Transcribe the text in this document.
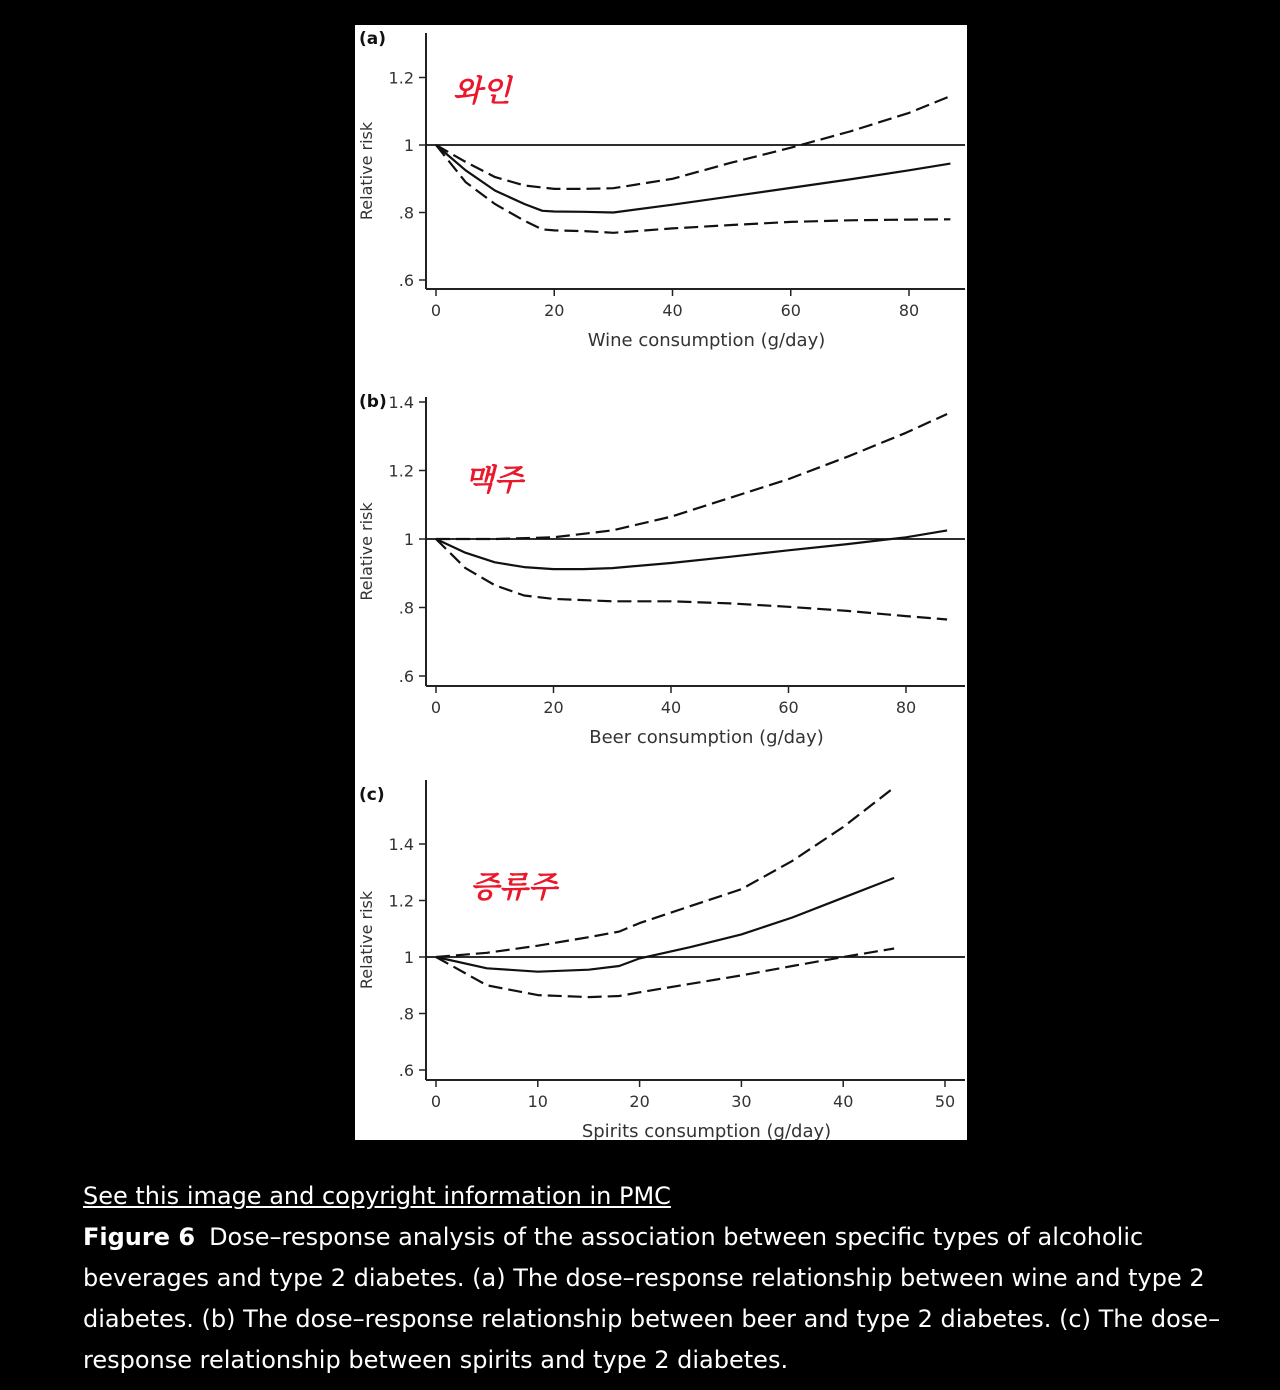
.6
.8
1
1.2
0	20	40	60	80
(a)
와인
Wine consumption (g/day)
Relative risk
.6
.8
1
1.2
1.4
0	20	40	60	80
(b)
맥주
Beer consumption (g/day)
Relative risk
.6
.8
1
1.2
1.4
0	10	20	30	40	50
(c)
증류주
Spirits consumption (g/day)
Relative risk
See this image and copyright information in PMC
Figure 6 Dose–response analysis of the association between specific types of alcoholic beverages and type 2 diabetes. (a) The dose–response relationship between wine and type 2 diabetes. (b) The dose–response relationship between beer and type 2 diabetes. (c) The dose–response relationship between spirits and type 2 diabetes.
